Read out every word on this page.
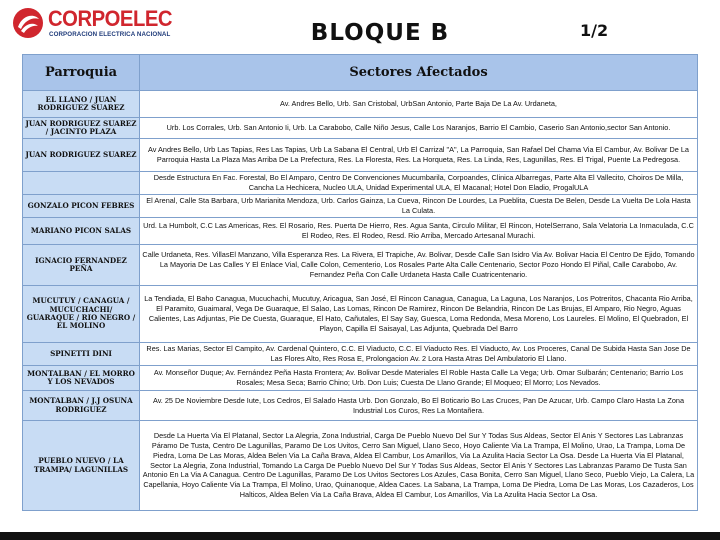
CORPOELEC
CORPORACION ELECTRICA NACIONAL	BLOQUE B	1/2
Parroquia	Sectores Afectados
EL LLANO / JUAN RODRIGUEZ SUAREZ	Av. Andres Bello, Urb. San Cristobal, UrbSan Antonio, Parte Baja De La Av. Urdaneta,
JUAN RODRIGUEZ SUAREZ / JACINTO PLAZA	Urb. Los Corrales, Urb. San Antonio Ii, Urb. La Carabobo, Calle Niño Jesus, Calle Los Naranjos, Barrio El Cambio, Caserio San Antonio,sector San Antonio.
JUAN RODRIGUEZ SUAREZ	Av Andres Bello, Urb Las Tapias, Res Las Tapias, Urb La Sabana El Central, Urb El Carrizal "A", La Parroquia, San Rafael Del Chama Via El Cambur, Av. Bolivar De La Parroquia Hasta La Plaza Mas Arriba De La Prefectura, Res. La Floresta, Res. La Horqueta, Res. La Linda, Res, Lagunillas, Res. El Trigal, Puente La Pedregosa.
	Desde Estructura En Fac. Forestal, Bo El Amparo, Centro De Convenciones Mucumbarila, Corpoandes, Clinica Albarregas, Parte Alta El Vallecito, Choiros De Milla, Cancha La Hechicera, Nucleo ULA, Unidad Experimental ULA, El Macanal; Hotel Don Eladio, ProgalULA
GONZALO PICON FEBRES	El Arenal, Calle Sta Barbara, Urb Marianita Mendoza, Urb. Carlos Gainza, La Cueva, Rincon De Lourdes, La Pueblita, Cuesta De Belen, Desde La Vuelta De Lola Hasta La Culata.
MARIANO PICON SALAS	Urd. La Humbolt, C.C Las Americas, Res. El Rosario, Res. Puerta De Hierro, Res. Agua Santa, Circulo Militar, El Rincon, HotelSerrano, Sala Velatoria La Inmaculada, C.C El Rodeo, Res. El Rodeo, Resd. Rio Arriba, Mercado Artesanal Murachi.
IGNACIO FERNANDEZ PEÑA	Calle Urdaneta, Res. VillasEl Manzano, Villa Esperanza Res. La Rivera, El Trapiche, Av. Bolivar, Desde Calle San Isidro Via Av. Bolivar Hacia El Centro De Ejido, Tomando La Mayoria De Las Calles Y El Enlace Vial, Calle Colon, Cementerio, Los Rosales Parte Alta Calle Centenario, Sector Pozo Hondo El Piñal, Calle Carabobo, Av. Fernandez Peña Con Calle Urdaneta Hasta Calle Cuatricentenario.
MUCUTUY / CANAGUA / MUCUCHACHI/ GUARAQUE / RIO NEGRO / EL MOLINO	La Tendiada, El Baho Canagua, Mucuchachi, Mucutuy, Aricagua, San José, El Rincon Canagua, Canagua, La Laguna, Los Naranjos, Los Potreritos, Chacanta Rio Arriba, El Paramito, Guaimaral, Vega De Guaraque, El Salao, Las Lomas, Rincon De Ramirez, Rincon De Belandria, Rincon De Las Brujas, El Amparo, Rio Negro, Aguas Calientes, Las Adjuntas, Pie De Cuesta, Guaraque, El Hato, Cañutales, El Say Say, Guesca, Loma Redonda, Mesa Moreno, Los Laureles. El Molino, El Quebradon, El Playon, Capilla El Saisayal, Las Adjunta, Quebrada Del Barro
SPINETTI DINI	Res. Las Marias, Sector El Campito, Av. Cardenal Quintero, C.C. El Viaducto, C.C. El Viaducto Res. El Viaducto, Av. Los Proceres, Canal De Subida Hasta San Jose De Las Flores Alto, Res Rosa E, Prolongacion Av. 2 Lora Hasta Atras Del Ambulatorio El Llano.
MONTALBAN / EL MORRO Y LOS NEVADOS	Av. Monseñor Duque; Av. Fernández Peña Hasta Frontera; Av. Bolivar Desde Materiales El Roble Hasta Calle La Vega; Urb. Omar Sulbarán; Centenario; Barrio Los Rosales; Mesa Seca; Barrio Chino; Urb. Don Luis; Cuesta De Llano Grande; El Moqueo; El Morro; Los Nevados.
MONTALBAN / J.J OSUNA RODRIGUEZ	Av. 25 De Noviembre Desde Iute, Los Cedros, El Salado Hasta Urb. Don Gonzalo, Bo El Boticario Bo Las Cruces, Pan De Azucar, Urb. Campo Claro Hasta La Zona Industrial Los Curos, Res La Montañera.
PUEBLO NUEVO / LA TRAMPA/ LAGUNILLAS	Desde La Huerta Via El Platanal, Sector La Alegria, Zona Industrial, Carga De Pueblo Nuevo Del Sur Y Todas Sus Aldeas, Sector El Anis Y Sectores Las Labranzas Páramo De Tusta, Centro De Lagunillas, Paramo De Los Uvitos, Cerro San Miguel, Llano Seco, Hoyo Caliente Via La Trampa, El Molino, Urao, La Trampa, Loma De Piedra, Loma De Las Moras, Aldea Belen Via La Caña Brava, Aldea El Cambur, Los Amarillos, Via La Azulita Hacia Sector La Osa. Desde La Huerta Via El Platanal, Sector La Alegria, Zona Industrial, Tomando La Carga De Pueblo Nuevo Del Sur Y Todas Sus Aldeas, Sector El Anis Y Sectores Las Labranzas Paramo De Tusta San Antonio En La Via A Canagua. Centro De Lagunillas, Paramo De Los Uvitos Sectores Los Azules, Casa Bonita, Cerro San Miguel, Llano Seco, Pueblo Viejo, La Calera, La Capellania, Hoyo Caliente Via La Trampa, El Molino, Urao, Quinanoque, Aldea Caces. La Sabana, La Trampa, Loma De Piedra, Loma De Las Moras, Los Cazaderos, Los Halticos, Aldea Belen Via La Caña Brava, Aldea El Cambur, Los Amarillos, Via La Azulita Hacia Sector La Osa.
